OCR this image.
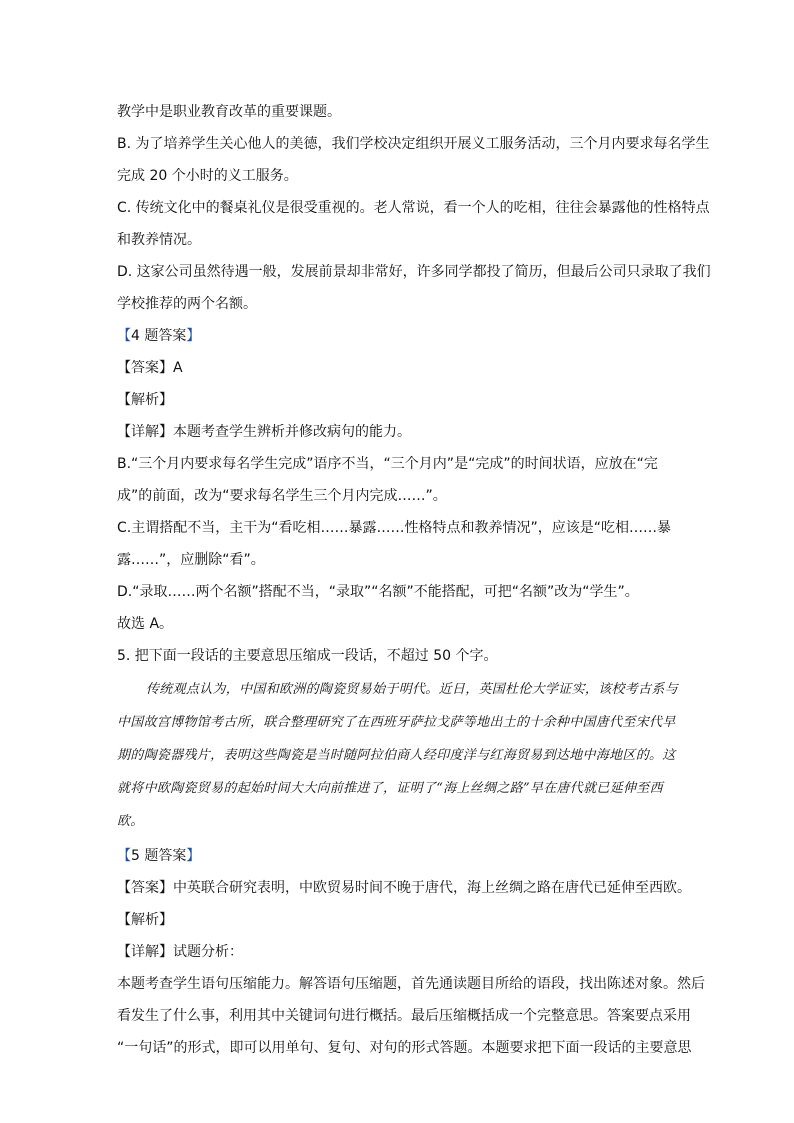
教学中是职业教育改革的重要课题。
B. 为了培养学生关心他人的美德，我们学校决定组织开展义工服务活动，三个月内要求每名学生
完成 20 个小时的义工服务。
C. 传统文化中的餐桌礼仪是很受重视的。老人常说，看一个人的吃相，往往会暴露他的性格特点
和教养情况。
D. 这家公司虽然待遇一般，发展前景却非常好，许多同学都投了简历，但最后公司只录取了我们
学校推荐的两个名额。
【4 题答案】
【答案】A
【解析】
【详解】本题考查学生辨析并修改病句的能力。
B.“三个月内要求每名学生完成”语序不当，“三个月内”是“完成”的时间状语，应放在“完
成”的前面，改为“要求每名学生三个月内完成……”。
C.主谓搭配不当，主干为“看吃相……暴露……性格特点和教养情况”，应该是“吃相……暴
露……”，应删除“看”。
D.“录取……两个名额”搭配不当，“录取”“名额”不能搭配，可把“名额”改为“学生”。
故选 A。
5. 把下面一段话的主要意思压缩成一段话，不超过 50 个字。
传统观点认为，中国和欧洲的陶瓷贸易始于明代。近日，英国杜伦大学证实，该校考古系与
中国故宫博物馆考古所，联合整理研究了在西班牙萨拉戈萨等地出土的十余种中国唐代至宋代早
期的陶瓷器残片，表明这些陶瓷是当时随阿拉伯商人经印度洋与红海贸易到达地中海地区的。这
就将中欧陶瓷贸易的起始时间大大向前推进了，证明了“海上丝绸之路”早在唐代就已延伸至西
欧。
【5 题答案】
【答案】中英联合研究表明，中欧贸易时间不晚于唐代，海上丝绸之路在唐代已延伸至西欧。
【解析】
【详解】试题分析：
本题考查学生语句压缩能力。解答语句压缩题，首先通读题目所给的语段，找出陈述对象。然后
看发生了什么事，利用其中关键词句进行概括。最后压缩概括成一个完整意思。答案要点采用
“一句话”的形式，即可以用单句、复句、对句的形式答题。本题要求把下面一段话的主要意思
